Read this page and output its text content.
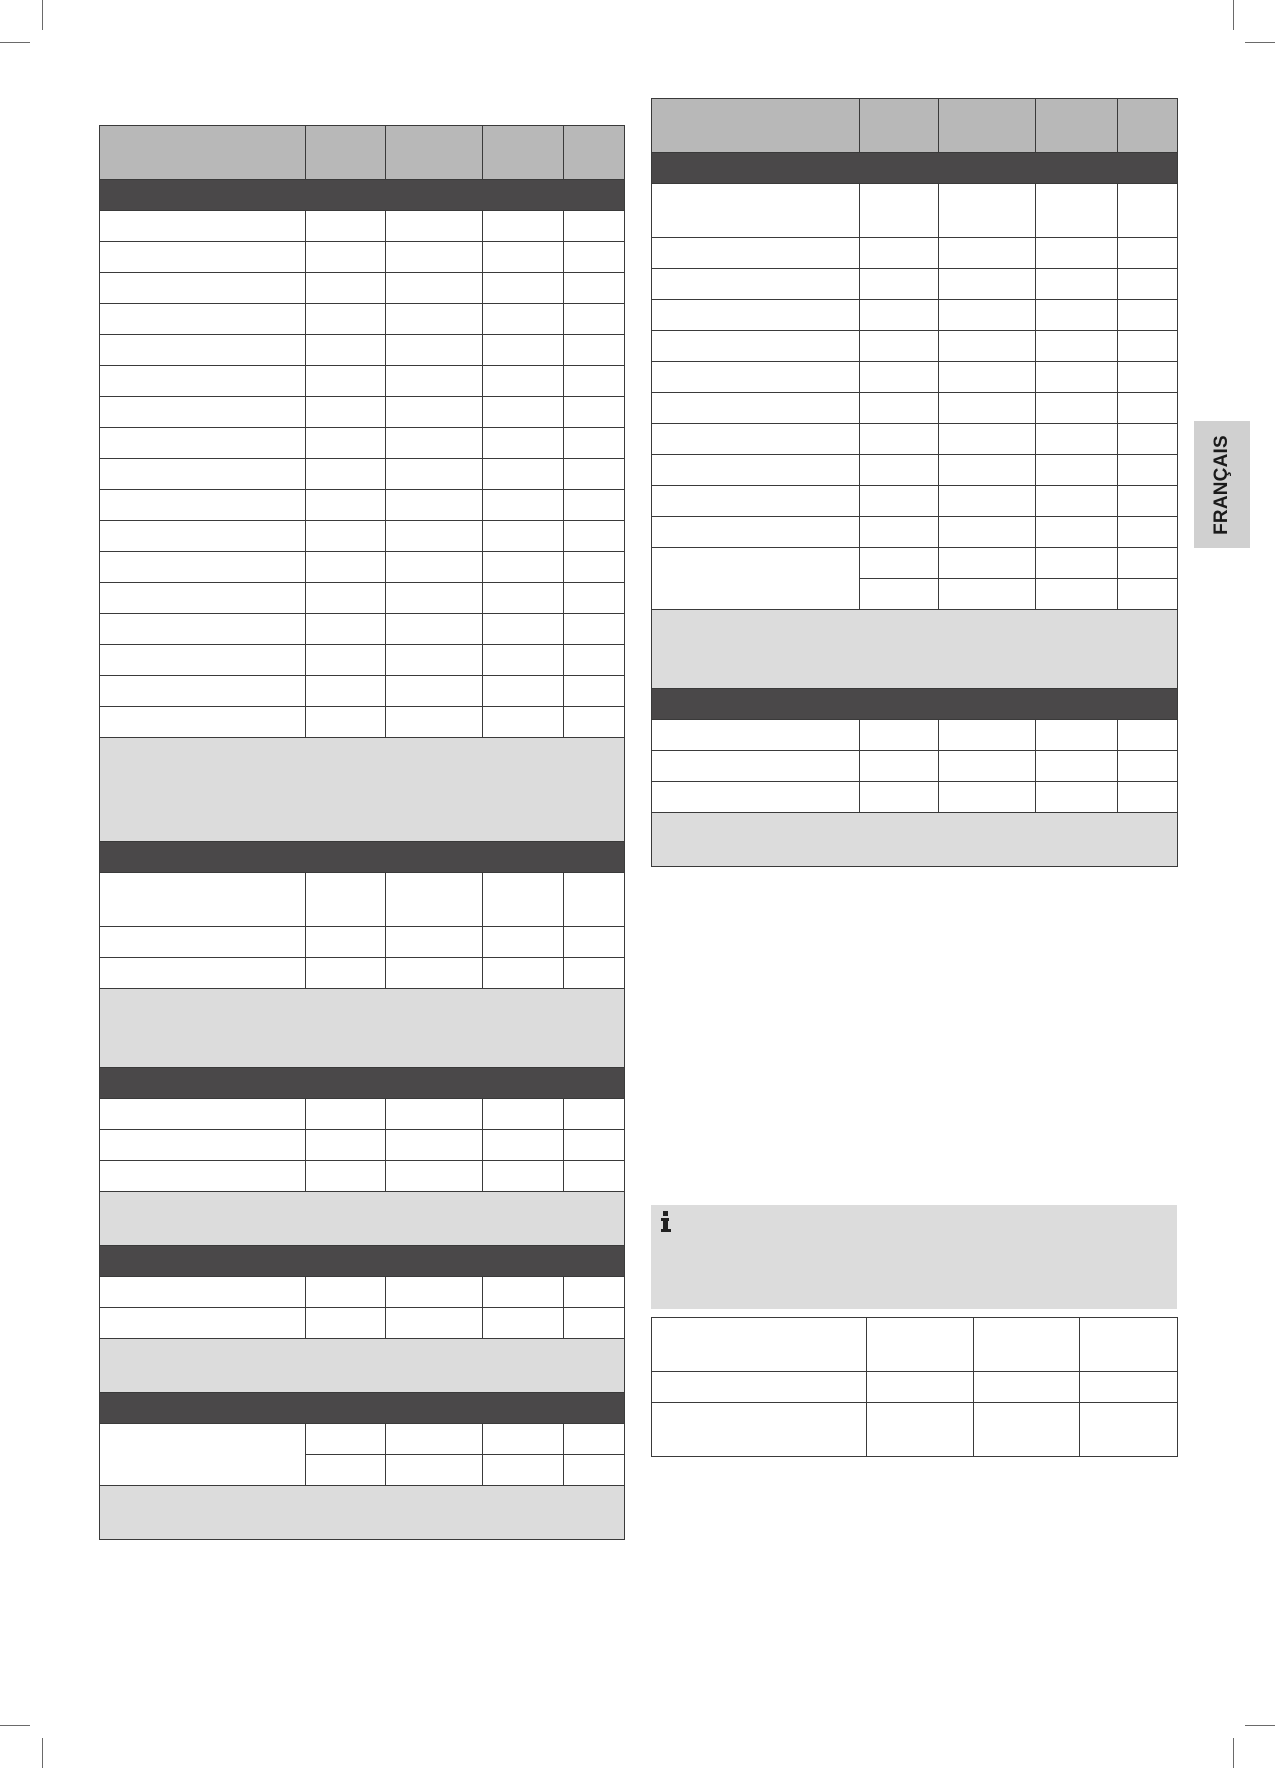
FRANÇAIS
